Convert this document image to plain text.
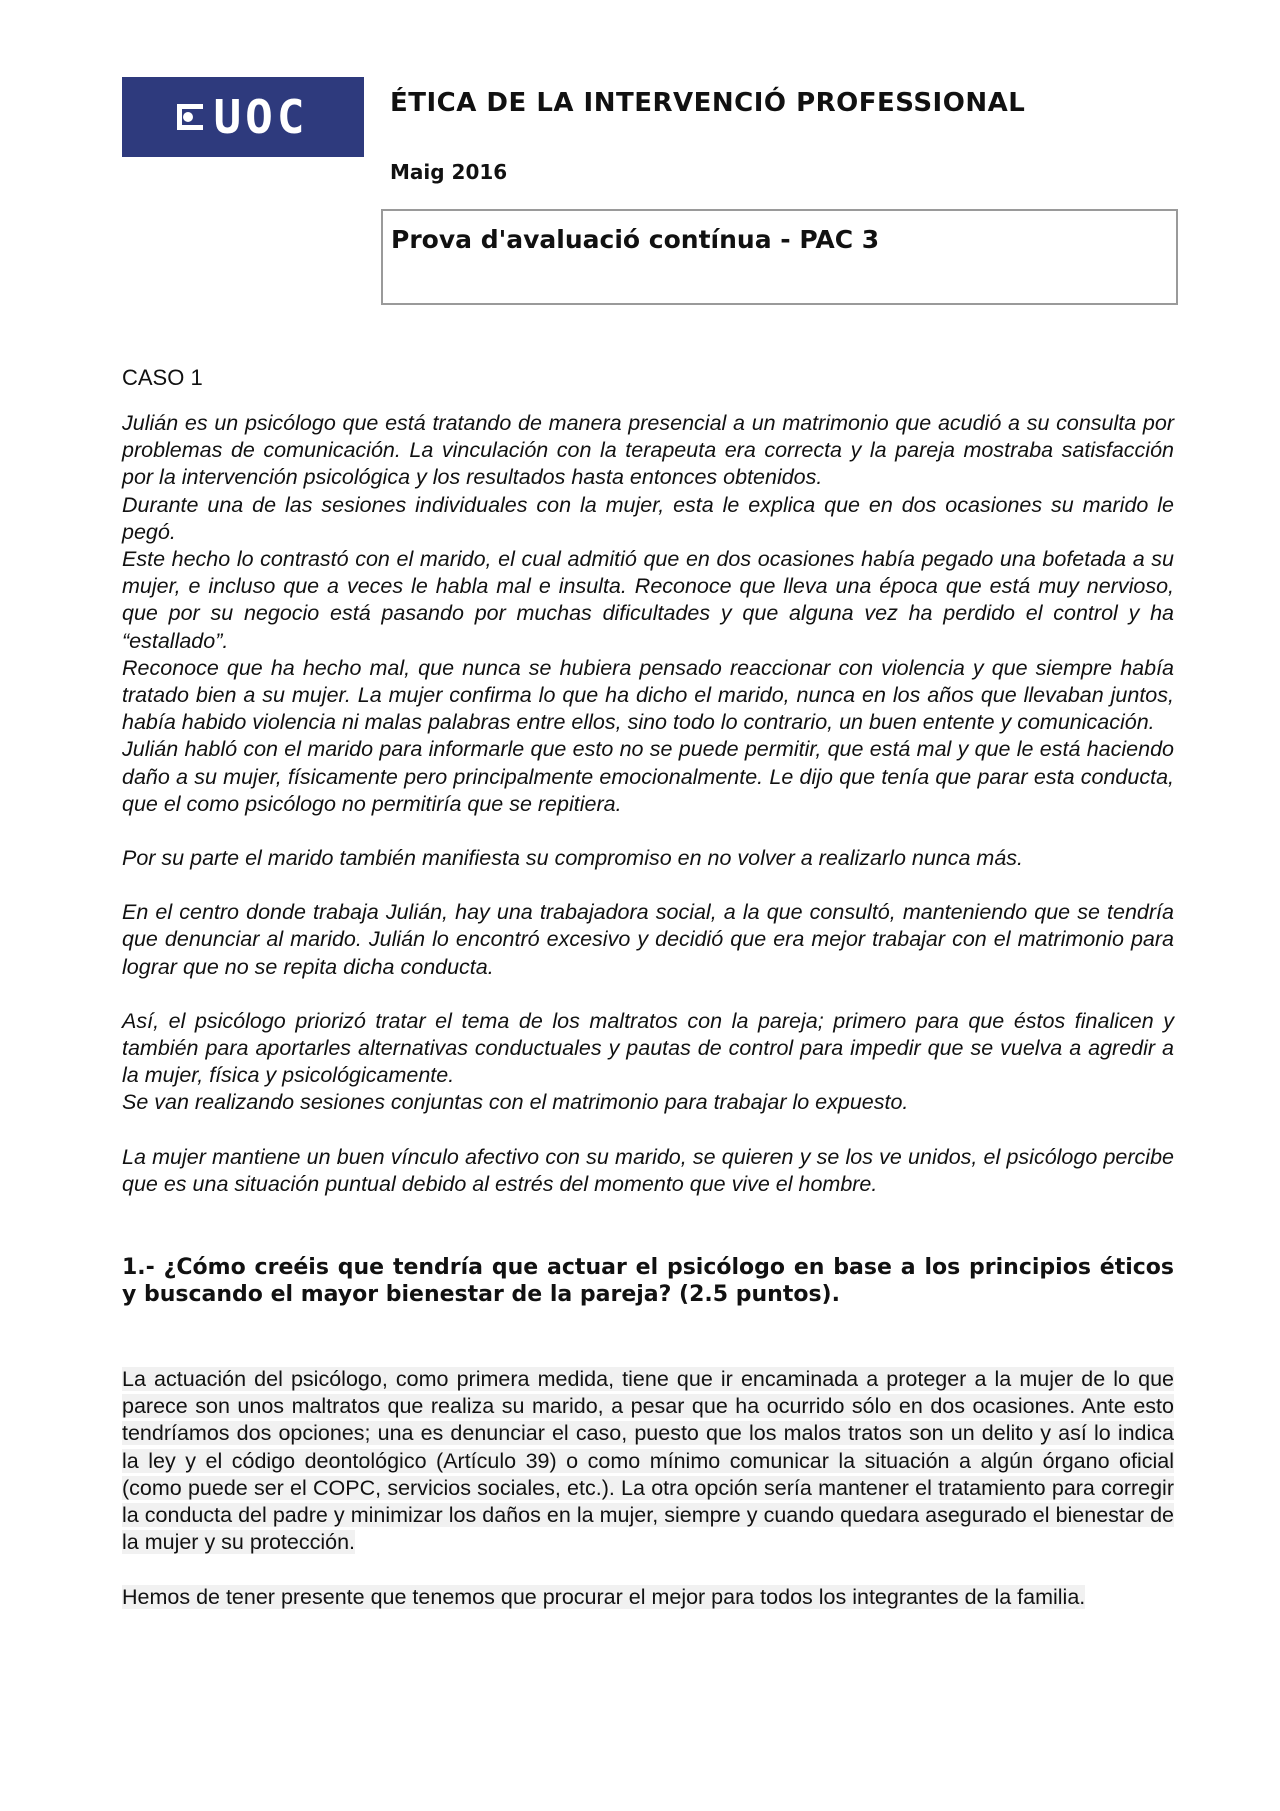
UOC	ÉTICA DE LA INTERVENCIÓ PROFESSIONAL
Maig 2016
Prova d'avaluació contínua - PAC 3
CASO 1

Julián es un psicólogo que está tratando de manera presencial a un matrimonio que acudió a su consulta por problemas de comunicación. La vinculación con la terapeuta era correcta y la pareja mostraba satisfacción por la intervención psicológica y los resultados hasta entonces obtenidos.

Durante una de las sesiones individuales con la mujer, esta le explica que en dos ocasiones su marido le pegó.

Este hecho lo contrastó con el marido, el cual admitió que en dos ocasiones había pegado una bofetada a su mujer, e incluso que a veces le habla mal e insulta. Reconoce que lleva una época que está muy nervioso, que por su negocio está pasando por muchas dificultades y que alguna vez ha perdido el control y ha “estallado”.

Reconoce que ha hecho mal, que nunca se hubiera pensado reaccionar con violencia y que siempre había tratado bien a su mujer. La mujer confirma lo que ha dicho el marido, nunca en los años que llevaban juntos, había habido violencia ni malas palabras entre ellos, sino todo lo contrario, un buen entente y comunicación.

Julián habló con el marido para informarle que esto no se puede permitir, que está mal y que le está haciendo daño a su mujer, físicamente pero principalmente emocionalmente. Le dijo que tenía que parar esta conducta, que el como psicólogo no permitiría que se repitiera.

Por su parte el marido también manifiesta su compromiso en no volver a realizarlo nunca más.

En el centro donde trabaja Julián, hay una trabajadora social, a la que consultó, manteniendo que se tendría que denunciar al marido. Julián lo encontró excesivo y decidió que era mejor trabajar con el matrimonio para lograr que no se repita dicha conducta.

Así, el psicólogo priorizó tratar el tema de los maltratos con la pareja; primero para que éstos finalicen y también para aportarles alternativas conductuales y pautas de control para impedir que se vuelva a agredir a la mujer, física y psicológicamente.

Se van realizando sesiones conjuntas con el matrimonio para trabajar lo expuesto.

La mujer mantiene un buen vínculo afectivo con su marido, se quieren y se los ve unidos, el psicólogo percibe que es una situación puntual debido al estrés del momento que vive el hombre.

1.- ¿Cómo creéis que tendría que actuar el psicólogo en base a los principios éticos y buscando el mayor bienestar de la pareja? (2.5 puntos).

La actuación del psicólogo, como primera medida, tiene que ir encaminada a proteger a la mujer de lo que parece son unos maltratos que realiza su marido, a pesar que ha ocurrido sólo en dos ocasiones. Ante esto tendríamos dos opciones; una es denunciar el caso, puesto que los malos tratos son un delito y así lo indica la ley y el código deontológico (Artículo 39) o como mínimo comunicar la situación a algún órgano oficial (como puede ser el COPC, servicios sociales, etc.). La otra opción sería mantener el tratamiento para corregir la conducta del padre y minimizar los daños en la mujer, siempre y cuando quedara asegurado el bienestar de la mujer y su protección.

Hemos de tener presente que tenemos que procurar el mejor para todos los integrantes de la familia.
